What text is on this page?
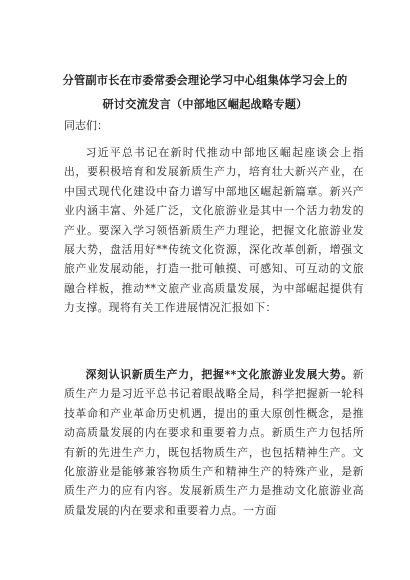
分管副市长在市委常委会理论学习中心组集体学习会上的
研讨交流发言（中部地区崛起战略专题）

同志们：

习近平总书记在新时代推动中部地区崛起座谈会上指出，要积极培育和发展新质生产力，培育壮大新兴产业，在中国式现代化建设中奋力谱写中部地区崛起新篇章。新兴产业内涵丰富、外延广泛，文化旅游业是其中一个活力勃发的产业。要深入学习领悟新质生产力理论，把握文化旅游业发展大势，盘活用好**传统文化资源，深化改革创新，增强文旅产业发展动能，打造一批可触摸、可感知、可互动的文旅融合样板，推动**文旅产业高质量发展，为中部崛起提供有力支撑。现将有关工作进展情况汇报如下：

深刻认识新质生产力，把握**文化旅游业发展大势。新质生产力是习近平总书记着眼战略全局，科学把握新一轮科技革命和产业革命历史机遇，提出的重大原创性概念，是推动高质量发展的内在要求和重要着力点。新质生产力包括所有新的先进生产力，既包括物质生产，也包括精神生产。文化旅游业是能够兼容物质生产和精神生产的特殊产业，是新质生产力的应有内容。发展新质生产力是推动文化旅游业高质量发展的内在要求和重要着力点。一方面
